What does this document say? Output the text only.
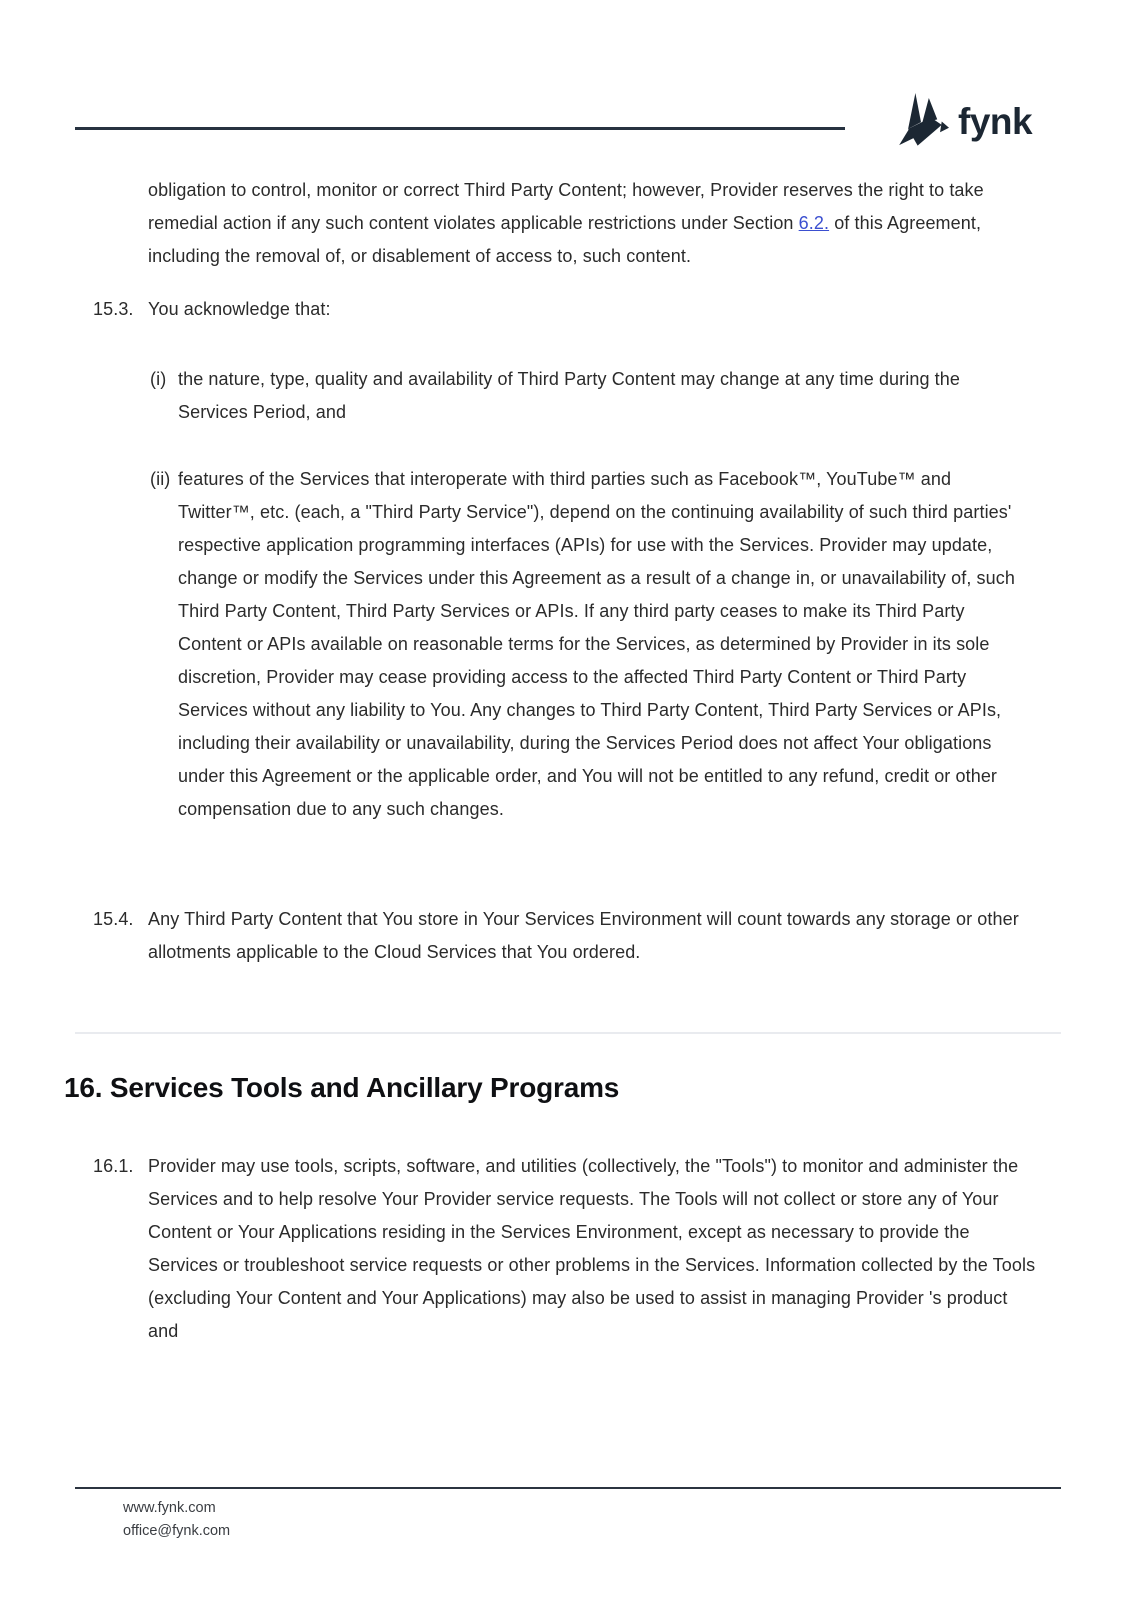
fynk

obligation to control, monitor or correct Third Party Content; however, Provider reserves the right to take remedial action if any such content violates applicable restrictions under Section 6.2. of this Agreement, including the removal of, or disablement of access to, such content.

15.3. You acknowledge that:
(i) the nature, type, quality and availability of Third Party Content may change at any time during the Services Period, and
(ii) features of the Services that interoperate with third parties such as Facebook™, YouTube™ and Twitter™, etc. (each, a "Third Party Service"), depend on the continuing availability of such third parties' respective application programming interfaces (APIs) for use with the Services. Provider may update, change or modify the Services under this Agreement as a result of a change in, or unavailability of, such Third Party Content, Third Party Services or APIs. If any third party ceases to make its Third Party Content or APIs available on reasonable terms for the Services, as determined by Provider in its sole discretion, Provider may cease providing access to the affected Third Party Content or Third Party Services without any liability to You. Any changes to Third Party Content, Third Party Services or APIs, including their availability or unavailability, during the Services Period does not affect Your obligations under this Agreement or the applicable order, and You will not be entitled to any refund, credit or other compensation due to any such changes.
15.4. Any Third Party Content that You store in Your Services Environment will count towards any storage or other allotments applicable to the Cloud Services that You ordered.
16. Services Tools and Ancillary Programs
16.1. Provider may use tools, scripts, software, and utilities (collectively, the "Tools") to monitor and administer the Services and to help resolve Your Provider service requests. The Tools will not collect or store any of Your Content or Your Applications residing in the Services Environment, except as necessary to provide the Services or troubleshoot service requests or other problems in the Services. Information collected by the Tools (excluding Your Content and Your Applications) may also be used to assist in managing Provider 's product and
www.fynk.com
office@fynk.com
